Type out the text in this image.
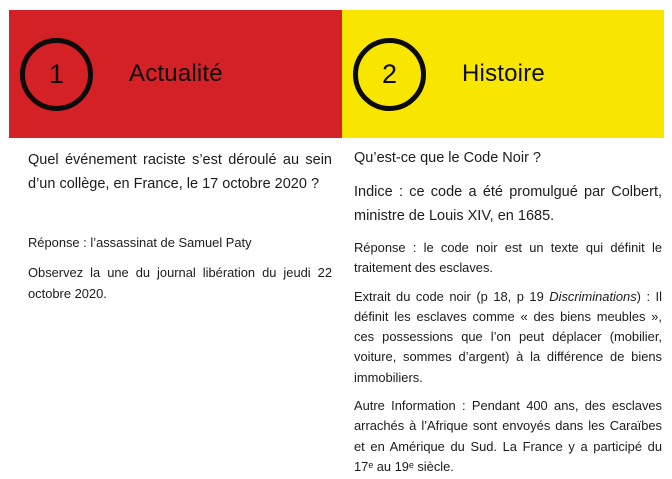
1	Actualité	2	Histoire

Quel événement raciste s’est déroulé au sein d’un collège, en France, le 17 octobre 2020 ?

Réponse : l’assassinat de Samuel Paty

Observez la une du journal libération du jeudi 22 octobre 2020.

Qu’est-ce que le Code Noir ?

Indice : ce code a été promulgué par Colbert, ministre de Louis XIV, en 1685.

Réponse : le code noir est un texte qui définit le traitement des esclaves.

Extrait du code noir (p 18, p 19 Discriminations) : Il définit les esclaves comme « des biens meubles », ces possessions que l’on peut déplacer (mobilier, voiture, sommes d’argent) à la différence de biens immobiliers.

Autre Information : Pendant 400 ans, des esclaves arrachés à l’Afrique sont envoyés dans les Caraïbes et en Amérique du Sud. La France y a participé du 17ᵉ au 19ᵉ siècle.
